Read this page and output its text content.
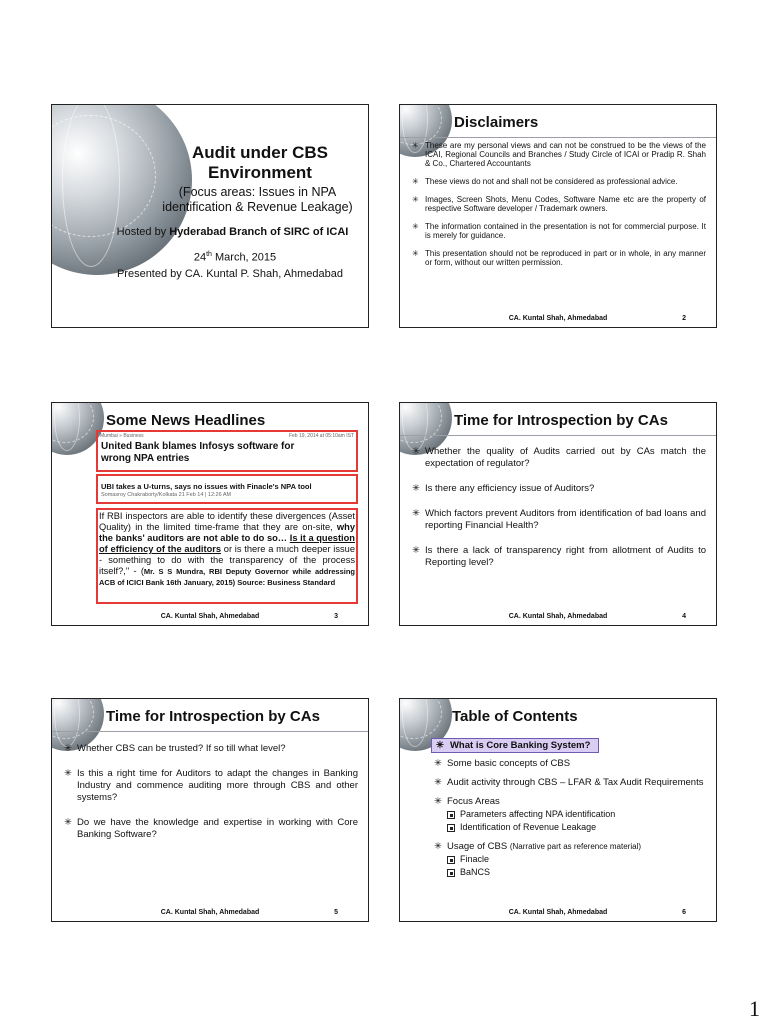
Audit under CBS
Environment
(Focus areas: Issues in NPA
identification & Revenue Leakage)
Hosted by Hyderabad Branch of SIRC of ICAI
24th March, 2015
Presented by CA. Kuntal P. Shah, Ahmedabad
Disclaimers
✳ These are my personal views and can not be construed to be the views of the ICAI, Regional Councils and Branches / Study Circle of ICAI or Pradip R. Shah & Co., Chartered Accountants
✳ These views do not and shall not be considered as professional advice.
✳ Images, Screen Shots, Menu Codes, Software Name etc are the property of respective Software developer / Trademark owners.
✳ The information contained in the presentation is not for commercial purpose. It is merely for guidance.
✳ This presentation should not be reproduced in part or in whole, in any manner or form, without our written permission.
CA. Kuntal Shah, Ahmedabad	2
Some News Headlines
Mumbai » Business	Feb 19, 2014 at 05:10am IST
United Bank blames Infosys software for
wrong NPA entries
UBI takes a U-turns, says no issues with Finacle's NPA tool
Somasroy Chakraborty/Kolkata 21 Feb 14 | 12:26 AM
If RBI inspectors are able to identify these divergences (Asset Quality) in the limited time-frame that they are on-site, why the banks' auditors are not able to do so… Is it a question of efficiency of the auditors or is there a much deeper issue - something to do with the transparency of the process itself?," - (Mr. S S Mundra, RBI Deputy Governor while addressing ACB of ICICI Bank 16th January, 2015) Source: Business Standard
CA. Kuntal Shah, Ahmedabad	3
Time for Introspection by CAs
✳ Whether the quality of Audits carried out by CAs match the expectation of regulator?
✳ Is there any efficiency issue of Auditors?
✳ Which factors prevent Auditors from identification of bad loans and reporting Financial Health?
✳ Is there a lack of transparency right from allotment of Audits to Reporting level?
CA. Kuntal Shah, Ahmedabad	4
Time for Introspection by CAs
✳ Whether CBS can be trusted? If so till what level?
✳ Is this a right time for Auditors to adapt the changes in Banking Industry and commence auditing more through CBS and other systems?
✳ Do we have the knowledge and expertise in working with Core Banking Software?
CA. Kuntal Shah, Ahmedabad	5
Table of Contents
✳ What is Core Banking System?
✳ Some basic concepts of CBS
✳ Audit activity through CBS – LFAR & Tax Audit Requirements
✳ Focus Areas
Parameters affecting NPA identification
Identification of Revenue Leakage
✳ Usage of CBS (Narrative part as reference material)
Finacle
BaNCS
CA. Kuntal Shah, Ahmedabad	6
1
